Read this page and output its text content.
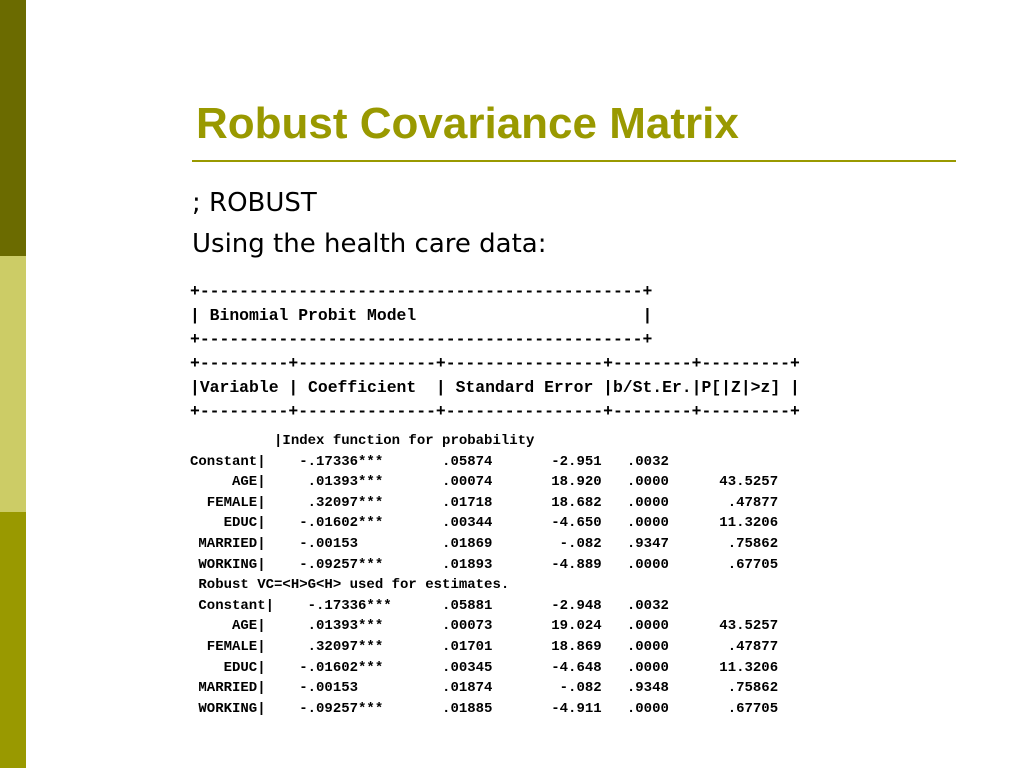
Robust Covariance Matrix

; ROBUST

Using the health care data:

+---------------------------------------------+
| Binomial Probit Model                       |
+---------------------------------------------+
+---------+--------------+----------------+--------+---------+
|Variable | Coefficient  | Standard Error |b/St.Er.|P[|Z|>z] |
+---------+--------------+----------------+--------+---------+
|Index function for probability
Constant|    -.17336***       .05874       -2.951   .0032
AGE|     .01393***       .00074       18.920   .0000      43.5257
FEMALE|     .32097***       .01718       18.682   .0000       .47877
EDUC|    -.01602***       .00344       -4.650   .0000      11.3206
MARRIED|    -.00153          .01869        -.082   .9347       .75862
WORKING|    -.09257***       .01893       -4.889   .0000       .67705
Robust VC=<H>G<H> used for estimates.
Constant|    -.17336***      .05881       -2.948   .0032
AGE|     .01393***       .00073       19.024   .0000      43.5257
FEMALE|     .32097***       .01701       18.869   .0000       .47877
EDUC|    -.01602***       .00345       -4.648   .0000      11.3206
MARRIED|    -.00153          .01874        -.082   .9348       .75862
WORKING|    -.09257***       .01885       -4.911   .0000       .67705
